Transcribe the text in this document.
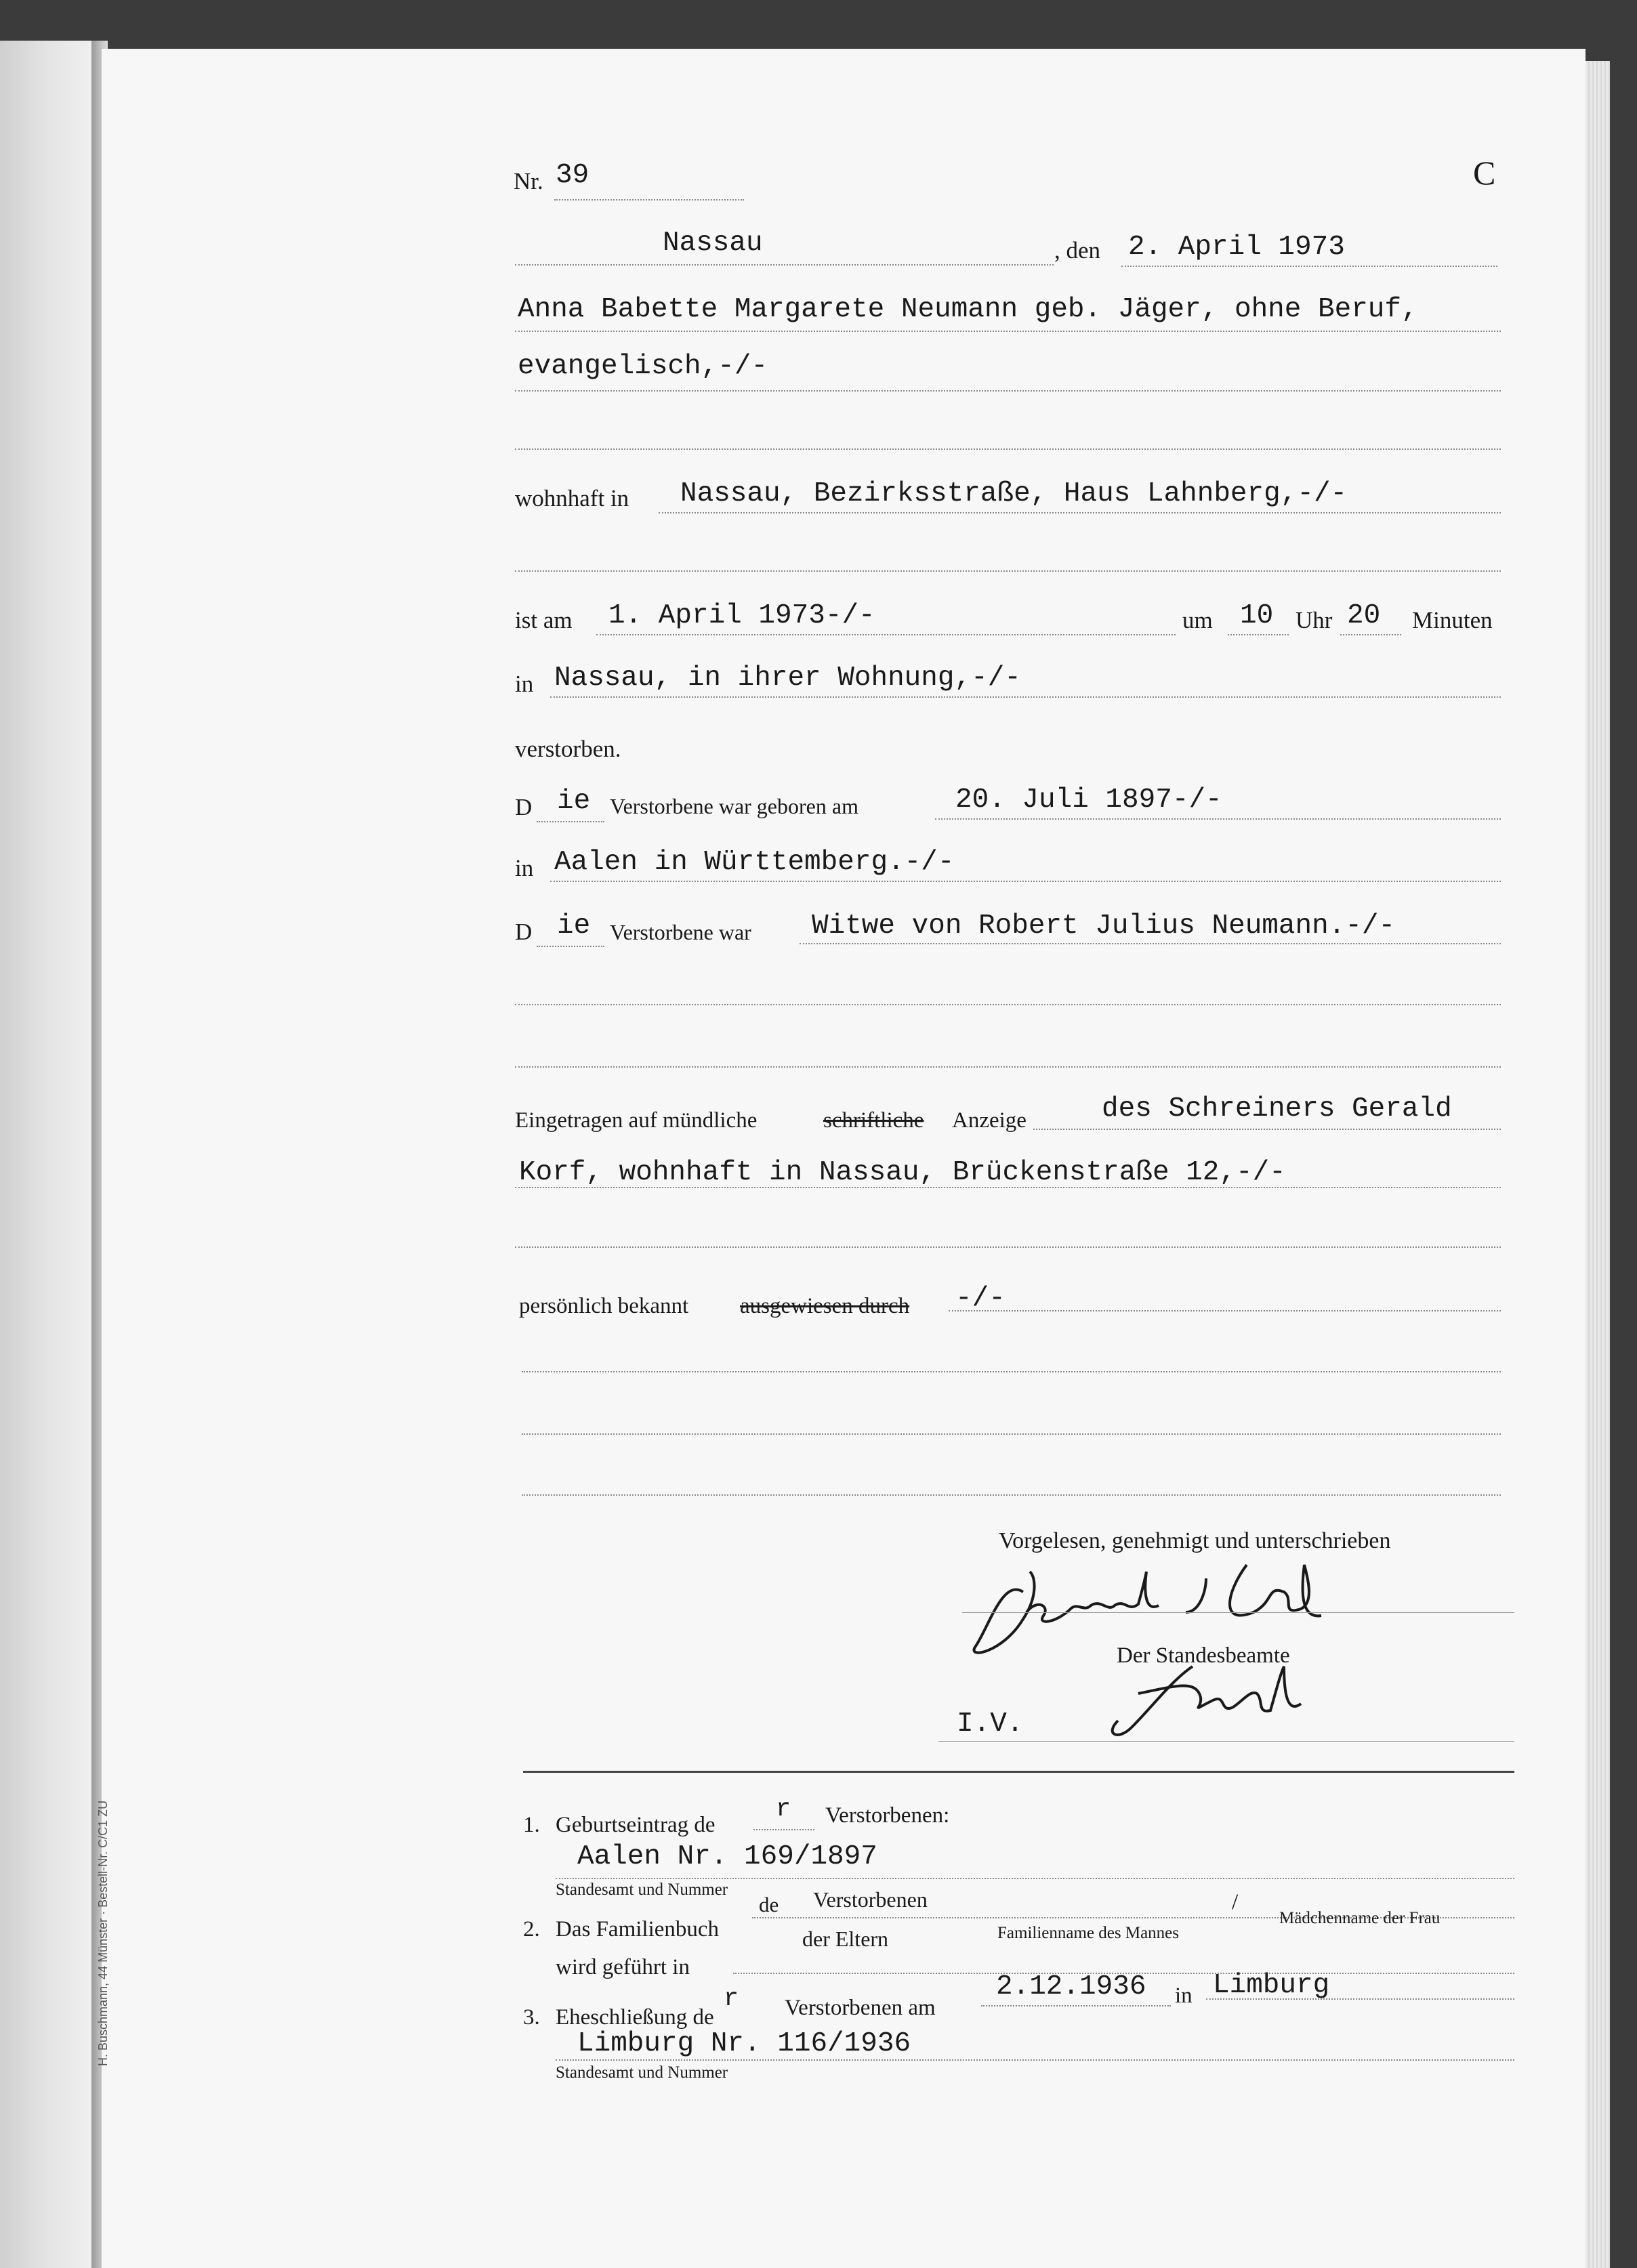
H. Buschmann, 44 Münster · Bestell-Nr. C/C1 ZU
Nr. 39	C
Nassau	, den 2. April 1973
Anna Babette Margarete Neumann geb. Jäger, ohne Beruf,
evangelisch,-/-
wohnhaft in Nassau, Bezirksstraße, Haus Lahnberg,-/-
ist am 1. April 1973-/-	um 10 Uhr 20 Minuten
in Nassau, in ihrer Wohnung,-/-
verstorben.
D ie Verstorbene war geboren am	20. Juli 1897-/-
in Aalen in Württemberg.-/-
D ie Verstorbene war Witwe von Robert Julius Neumann.-/-
Eingetragen auf mündliche	schriftliche Anzeige	des Schreiners Gerald
Korf, wohnhaft in Nassau, Brückenstraße 12,-/-
persönlich bekannt ausgewiesen durch -/-
Vorgelesen, genehmigt und unterschrieben
Der Standesbeamte
I.V.
1. Geburtseintrag de
r Verstorbenen:
Aalen Nr. 169/1897
Standesamt und Nummer
2. Das Familienbuch
de Verstorbenen
der Eltern
/
Familienname des Mannes
Mädchenname der Frau
wird geführt in
3. Eheschließung de
r Verstorbenen am
2.12.1936 in Limburg
Limburg Nr. 116/1936
Standesamt und Nummer
